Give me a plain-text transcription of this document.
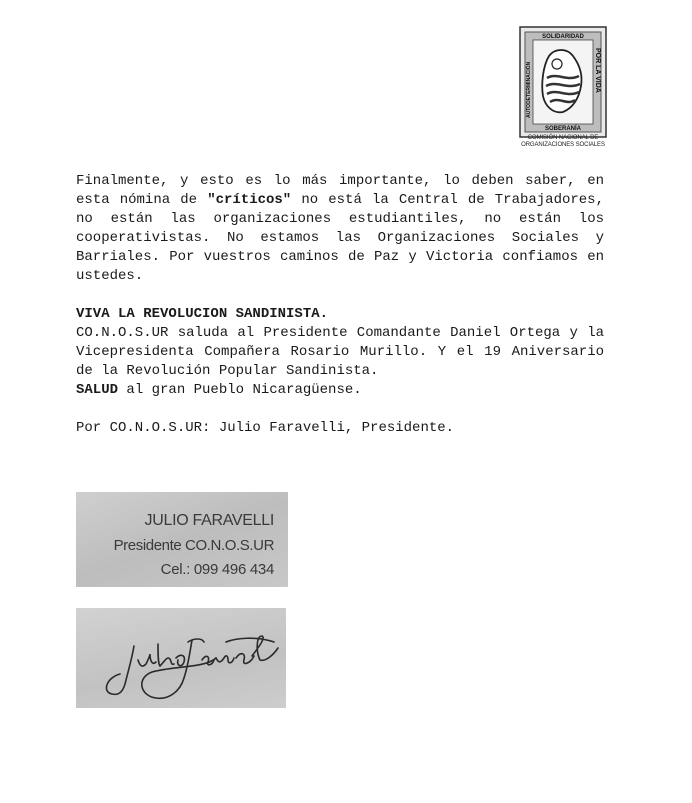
SOLIDARIDAD
SOBERANÍA
AUTODETERMINACIÓN	POR LA VIDA
COMISIÓN NACIONAL DE
ORGANIZACIONES SOCIALES

Finalmente, y esto es lo más importante, lo deben saber, en esta nómina de "críticos" no está la Central de Trabajadores, no están las organizaciones estudiantiles, no están los cooperativistas. No estamos las Organizaciones Sociales y Barriales. Por vuestros caminos de Paz y Victoria confiamos en ustedes.

VIVA LA REVOLUCION SANDINISTA.

CO.N.O.S.UR saluda al Presidente Comandante Daniel Ortega y la Vicepresidenta Compañera Rosario Murillo. Y el 19 Aniversario de la Revolución Popular Sandinista.

SALUD al gran Pueblo Nicaragüense.

Por CO.N.O.S.UR: Julio Faravelli, Presidente.

JULIO FARAVELLI
Presidente CO.N.O.S.UR
Cel.: 099 496 434
Julio Faravelli
